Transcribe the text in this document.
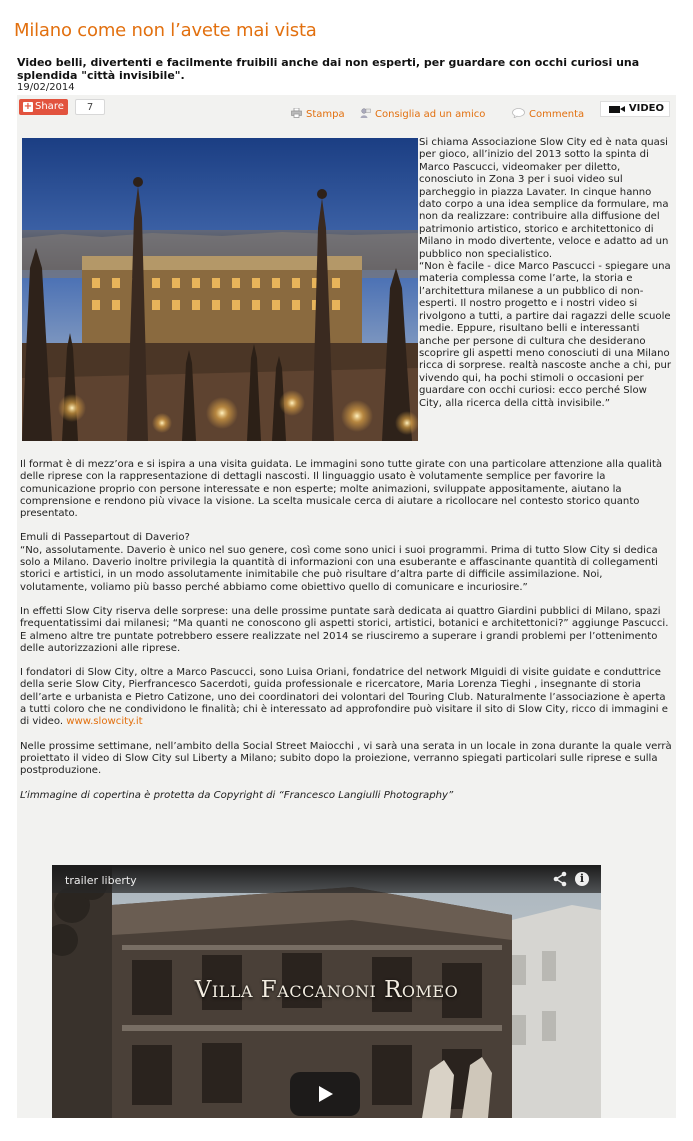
Milano come non l’avete mai vista
Video belli, divertenti e facilmente fruibili anche dai non esperti, per guardare con occhi curiosi una splendida "città invisibile".
19/02/2014
+ Share	7
Stampa	Consiglia ad un amico	Commenta
VIDEO

Si chiama Associazione Slow City ed è nata quasi per gioco, all’inizio del 2013 sotto la spinta di Marco Pascucci, videomaker per diletto, conosciuto in Zona 3 per i suoi video sul parcheggio in piazza Lavater. In cinque hanno dato corpo a una idea semplice da formulare, ma non da realizzare: contribuire alla diffusione del patrimonio artistico, storico e architettonico di Milano in modo divertente, veloce e adatto ad un pubblico non specialistico.

“Non è facile - dice Marco Pascucci - spiegare una materia complessa come l’arte, la storia e l’architettura milanese a un pubblico di non-esperti. Il nostro progetto e i nostri video si rivolgono a tutti, a partire dai ragazzi delle scuole medie. Eppure, risultano belli e interessanti anche per persone di cultura che desiderano scoprire gli aspetti meno conosciuti di una Milano ricca di sorprese. realtà nascoste anche a chi, pur vivendo qui, ha pochi stimoli o occasioni per guardare con occhi curiosi: ecco perché Slow City, alla ricerca della città invisibile.”

Il format è di mezz’ora e si ispira a una visita guidata. Le immagini sono tutte girate con una particolare attenzione alla qualità delle riprese con la rappresentazione di dettagli nascosti. Il linguaggio usato è volutamente semplice per favorire la comunicazione proprio con persone interessate e non esperte; molte animazioni, sviluppate appositamente, aiutano la comprensione e rendono più vivace la visione. La scelta musicale cerca di aiutare a ricollocare nel contesto storico quanto presentato.

Emuli di Passepartout di Daverio?
“No, assolutamente. Daverio è unico nel suo genere, così come sono unici i suoi programmi. Prima di tutto Slow City si dedica solo a Milano. Daverio inoltre privilegia la quantità di informazioni con una esuberante e affascinante quantità di collegamenti storici e artistici, in un modo assolutamente inimitabile che può risultare d’altra parte di difficile assimilazione. Noi, volutamente, voliamo più basso perché abbiamo come obiettivo quello di comunicare e incuriosire.”

In effetti Slow City riserva delle sorprese: una delle prossime puntate sarà dedicata ai quattro Giardini pubblici di Milano, spazi frequentatissimi dai milanesi; “Ma quanti ne conoscono gli aspetti storici, artistici, botanici e architettonici?” aggiunge Pascucci. E almeno altre tre puntate potrebbero essere realizzate nel 2014 se riusciremo a superare i grandi problemi per l’ottenimento delle autorizzazioni alle riprese.

I fondatori di Slow City, oltre a Marco Pascucci, sono Luisa Oriani, fondatrice del network MIguidi di visite guidate e conduttrice della serie Slow City, Pierfrancesco Sacerdoti, guida professionale e ricercatore, Maria Lorenza Tieghi , insegnante di storia dell’arte e urbanista e Pietro Catizone, uno dei coordinatori dei volontari del Touring Club. Naturalmente l’associazione è aperta a tutti coloro che ne condividono le finalità; chi è interessato ad approfondire può visitare il sito di Slow City, ricco di immagini e di video. www.slowcity.it

Nelle prossime settimane, nell’ambito della Social Street Maiocchi , vi sarà una serata in un locale in zona durante la quale verrà proiettato il video di Slow City sul Liberty a Milano; subito dopo la proiezione, verranno spiegati particolari sulle riprese e sulla postproduzione.

L’immagine di copertina è protetta da Copyright di “Francesco Langiulli Photography”

trailer liberty	i
Villa Faccanoni Romeo
